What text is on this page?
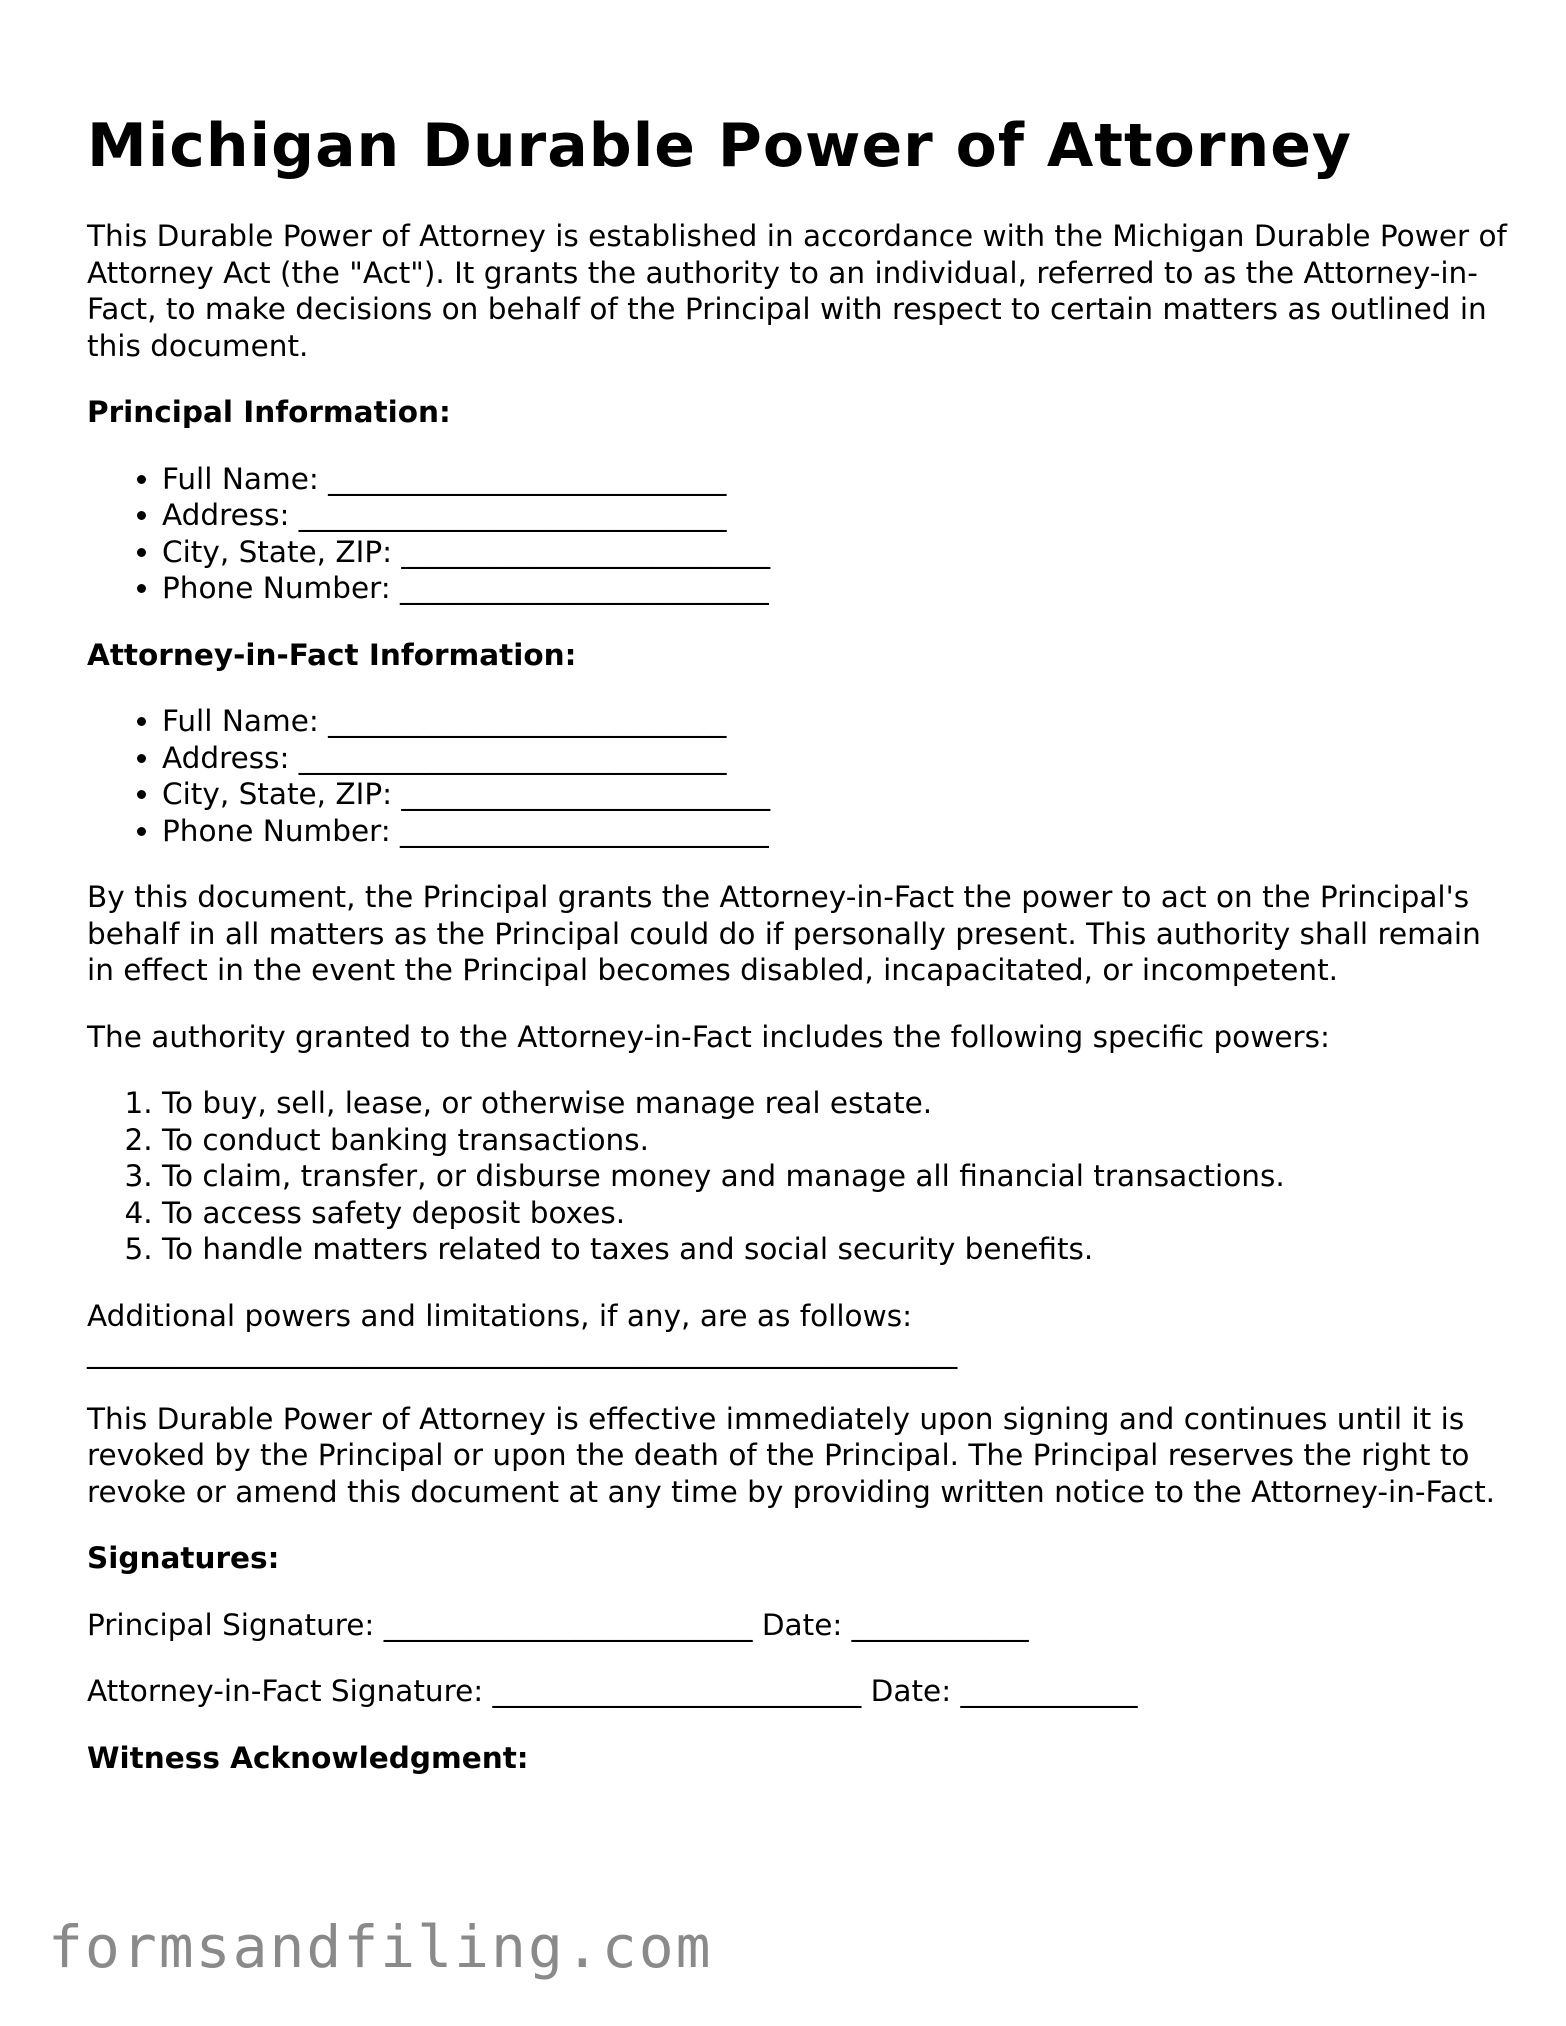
Michigan Durable Power of Attorney

This Durable Power of Attorney is established in accordance with the Michigan Durable Power of Attorney Act (the "Act"). It grants the authority to an individual, referred to as the Attorney-in-Fact, to make decisions on behalf of the Principal with respect to certain matters as outlined in this document.

Principal Information:

• Full Name: ___________________________
• Address: _____________________________
• City, State, ZIP: _________________________
• Phone Number: _________________________

Attorney-in-Fact Information:

• Full Name: ___________________________
• Address: _____________________________
• City, State, ZIP: _________________________
• Phone Number: _________________________

By this document, the Principal grants the Attorney-in-Fact the power to act on the Principal's behalf in all matters as the Principal could do if personally present. This authority shall remain in effect in the event the Principal becomes disabled, incapacitated, or incompetent.

The authority granted to the Attorney-in-Fact includes the following specific powers:

1. To buy, sell, lease, or otherwise manage real estate.
2. To conduct banking transactions.
3. To claim, transfer, or disburse money and manage all financial transactions.
4. To access safety deposit boxes.
5. To handle matters related to taxes and social security benefits.

Additional powers and limitations, if any, are as follows:
___________________________________________________________

This Durable Power of Attorney is effective immediately upon signing and continues until it is revoked by the Principal or upon the death of the Principal. The Principal reserves the right to revoke or amend this document at any time by providing written notice to the Attorney-in-Fact.

Signatures:

Principal Signature: _________________________ Date: ____________

Attorney-in-Fact Signature: _________________________ Date: ____________

Witness Acknowledgment:

formsandfiling.com
